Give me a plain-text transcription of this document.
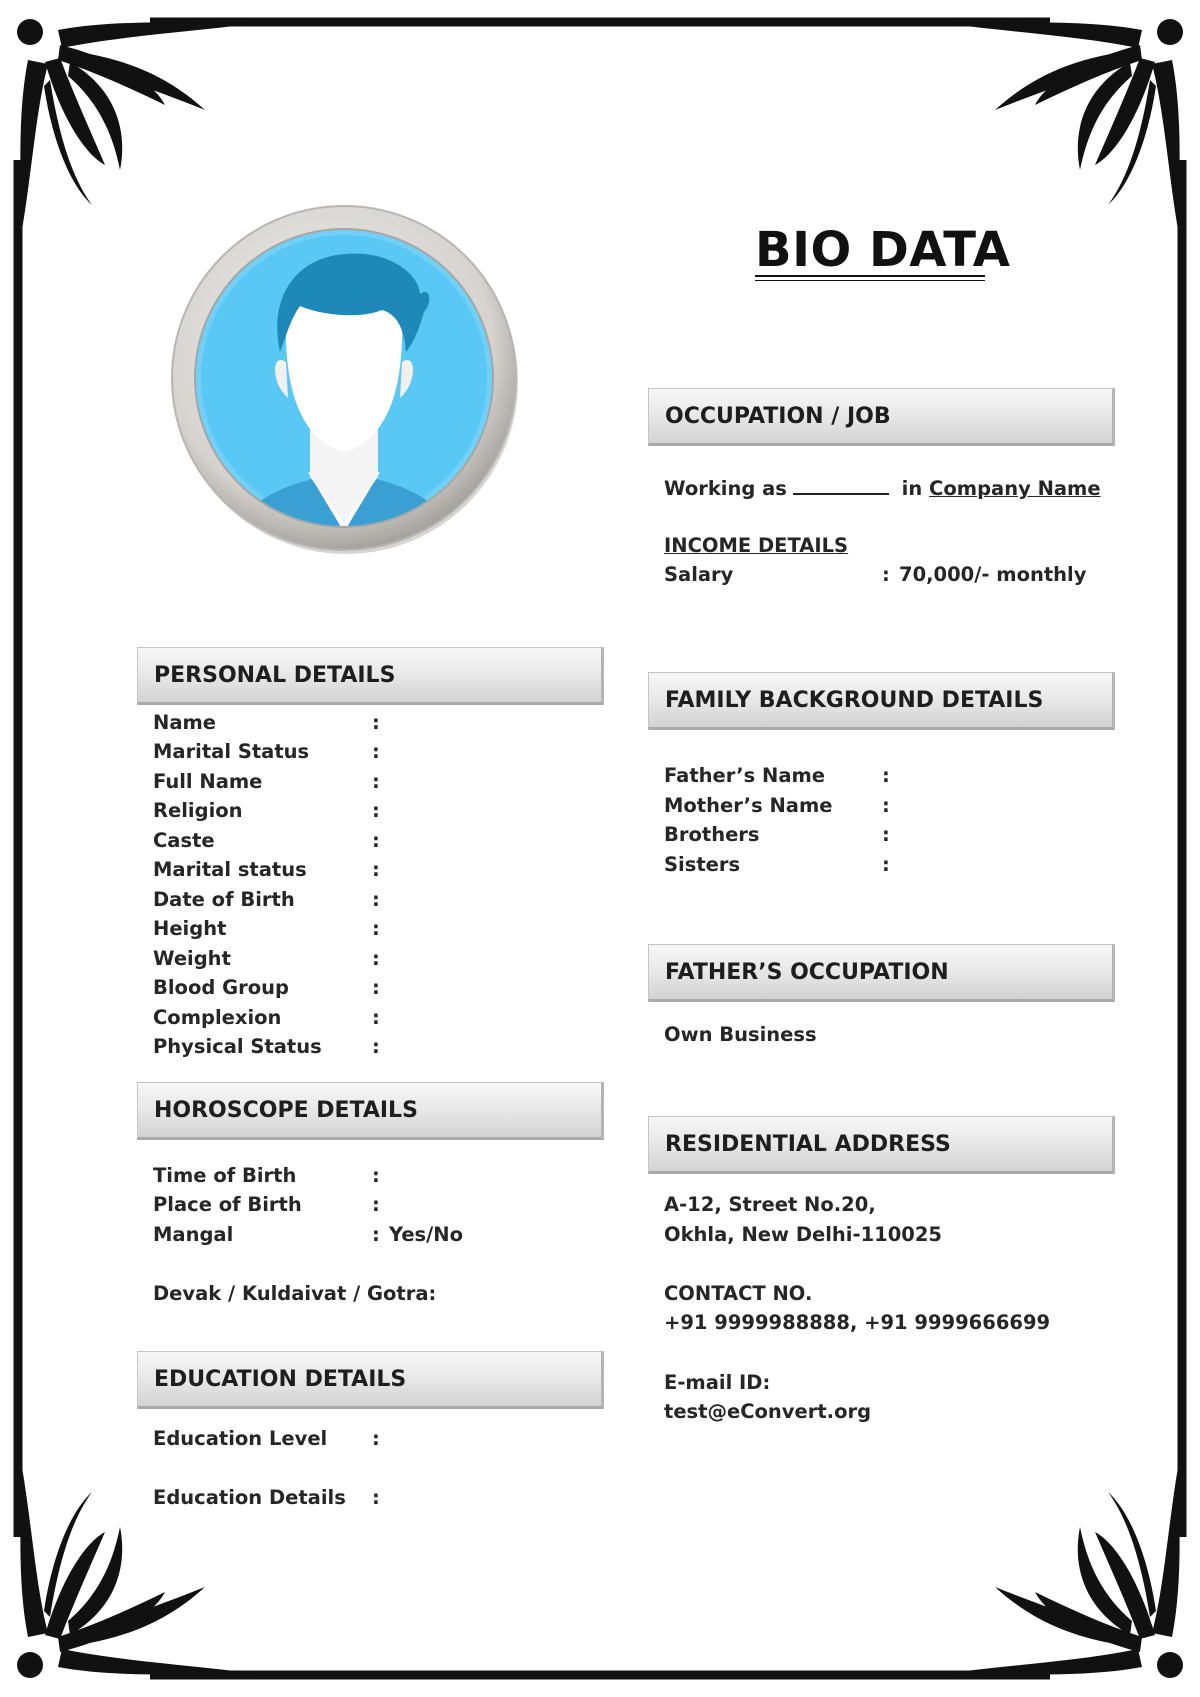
BIO DATA
PERSONAL DETAILS
Name	:
Marital Status	:
Full Name	:
Religion	:
Caste	:
Marital status	:
Date of Birth	:
Height	:
Weight	:
Blood Group	:
Complexion	:
Physical Status	:
HOROSCOPE DETAILS
Time of Birth	:
Place of Birth	:
Mangal	: Yes/No
Devak / Kuldaivat / Gotra:
EDUCATION DETAILS
Education Level :
Education Details :
OCCUPATION / JOB
Working as	in Company Name
INCOME DETAILS
Salary	: 70,000/- monthly
FAMILY BACKGROUND DETAILS
Father’s Name	:
Mother’s Name	:
Brothers	:
Sisters	:
FATHER’S OCCUPATION
Own Business
RESIDENTIAL ADDRESS
A-12, Street No.20,
Okhla, New Delhi-110025
CONTACT NO.
+91 9999988888, +91 9999666699
E-mail ID:
test@eConvert.org
